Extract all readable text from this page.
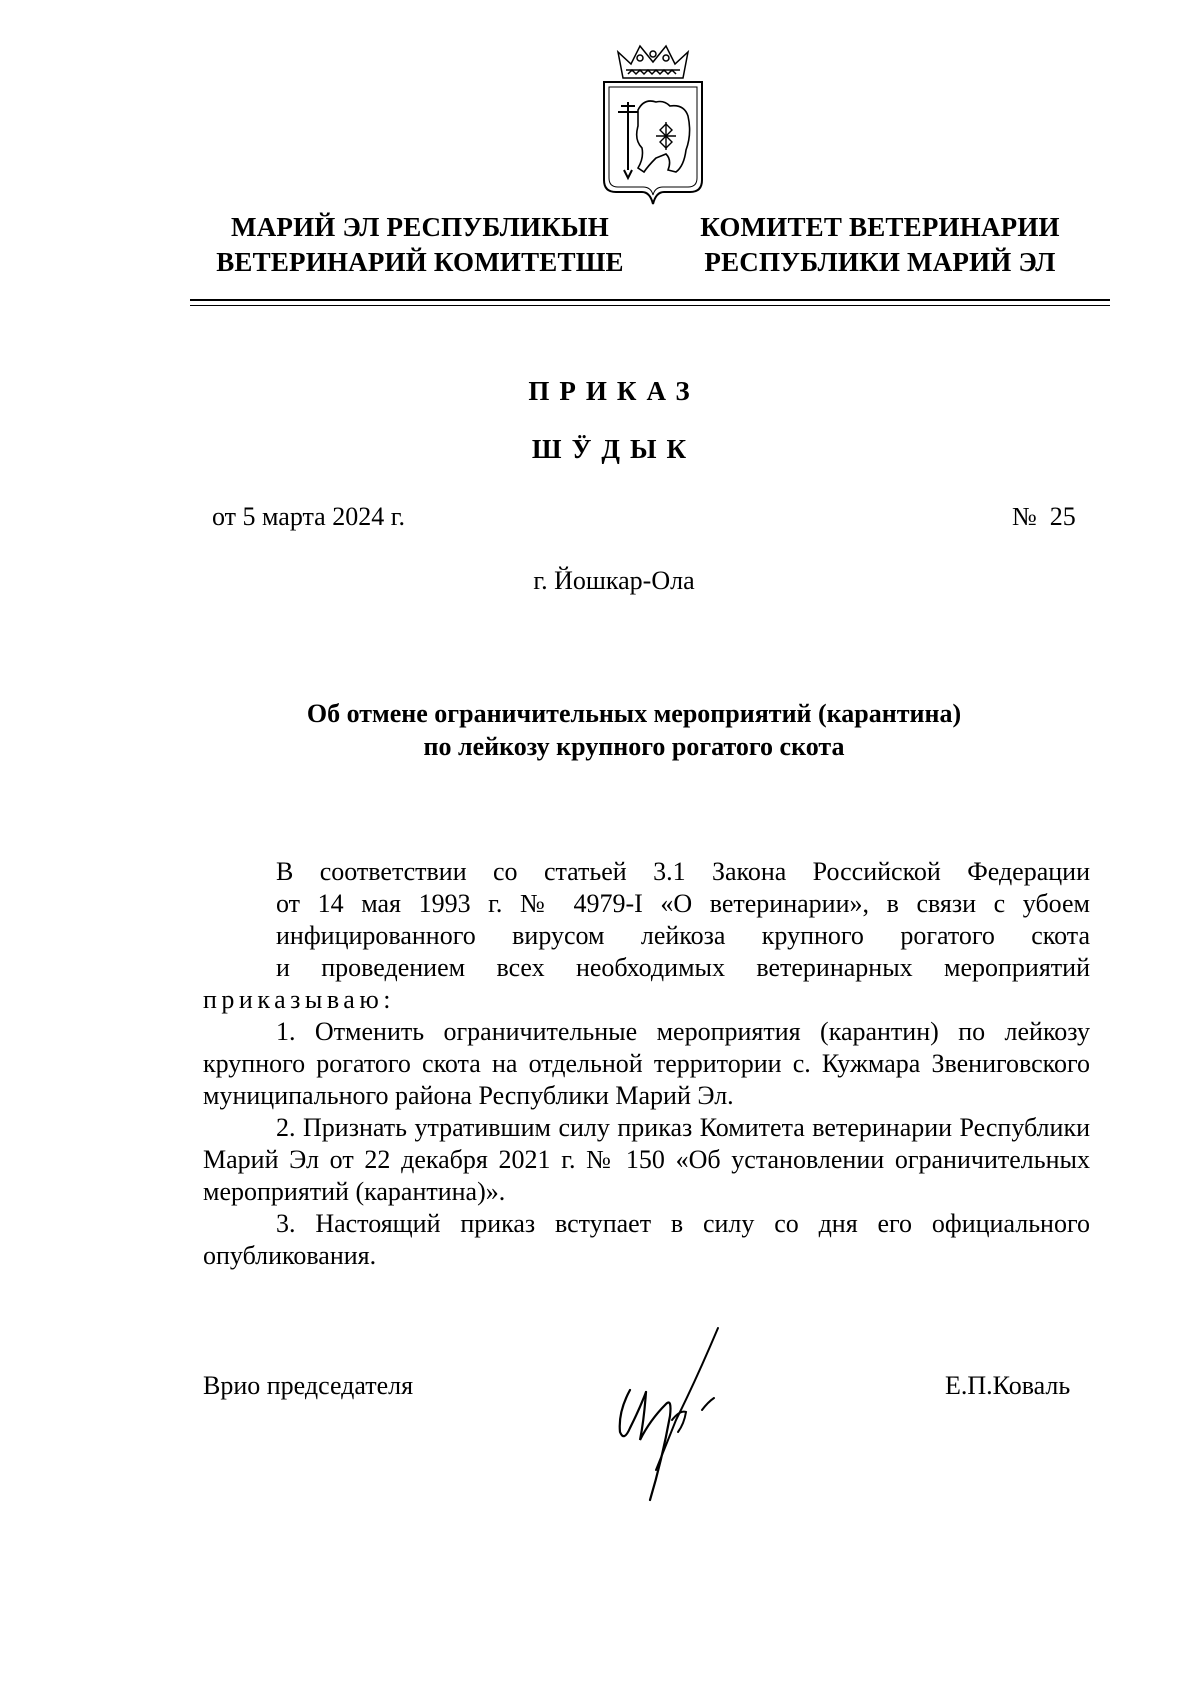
МАРИЙ ЭЛ РЕСПУБЛИКЫН
ВЕТЕРИНАРИЙ КОМИТЕТШЕ
КОМИТЕТ ВЕТЕРИНАРИИ
РЕСПУБЛИКИ МАРИЙ ЭЛ
ПРИКАЗ
ШӰДЫК
от 5 марта 2024 г.	№  25
г. Йошкар-Ола
Об отмене ограничительных мероприятий (карантина)
по лейкозу крупного рогатого скота

В соответствии со статьей 3.1 Закона Российской Федерации
от 14 мая 1993 г. № 4979-I «О ветеринарии», в связи с убоем
инфицированного вирусом лейкоза крупного рогатого скота
и проведением всех необходимых ветеринарных мероприятий
приказываю:

1. Отменить ограничительные мероприятия (карантин) по лейкозу крупного рогатого скота на отдельной территории с. Кужмара Звениговского муниципального района Республики Марий Эл.

2. Признать утратившим силу приказ Комитета ветеринарии Республики Марий Эл от 22 декабря 2021 г. № 150 «Об установлении ограничительных мероприятий (карантина)».

3. Настоящий приказ вступает в силу со дня его официального опубликования.

Врио председателя	Е.П.Коваль
